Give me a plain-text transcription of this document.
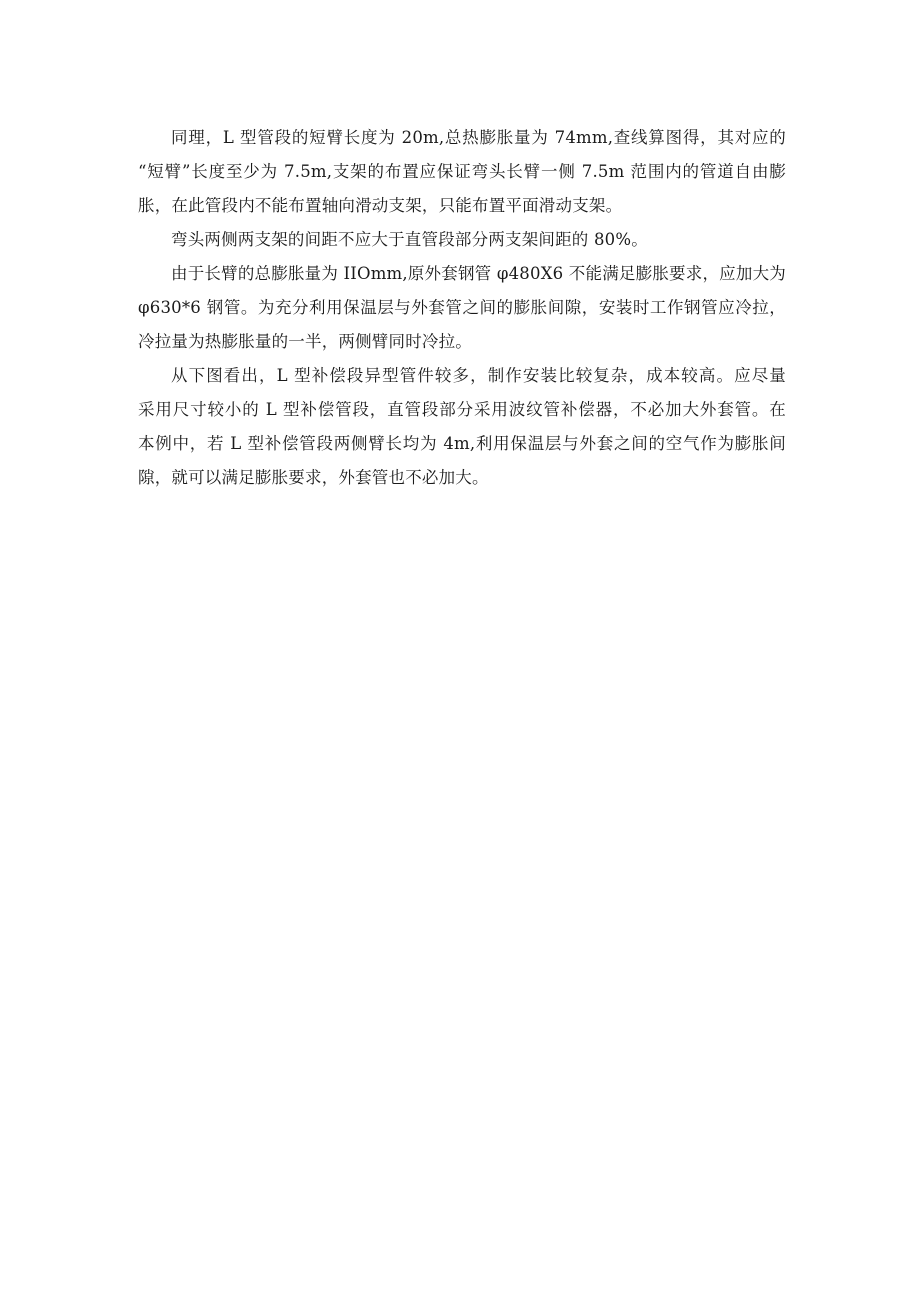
同理，L 型管段的短臂长度为 20m,总热膨胀量为 74mm,查线算图得，其对应的
“短臂”长度至少为 7.5m,支架的布置应保证弯头长臂一侧 7.5m 范围内的管道自由膨
胀，在此管段内不能布置轴向滑动支架，只能布置平面滑动支架。

弯头两侧两支架的间距不应大于直管段部分两支架间距的 80%。

由于长臂的总膨胀量为 IIOmm,原外套钢管 φ480X6 不能满足膨胀要求，应加大为
φ630*6 钢管。为充分利用保温层与外套管之间的膨胀间隙，安装时工作钢管应冷拉，
冷拉量为热膨胀量的一半，两侧臂同时冷拉。

从下图看出，L 型补偿段异型管件较多，制作安装比较复杂，成本较高。应尽量
采用尺寸较小的 L 型补偿管段，直管段部分采用波纹管补偿器，不必加大外套管。在
本例中，若 L 型补偿管段两侧臂长均为 4m,利用保温层与外套之间的空气作为膨胀间
隙，就可以满足膨胀要求，外套管也不必加大。
